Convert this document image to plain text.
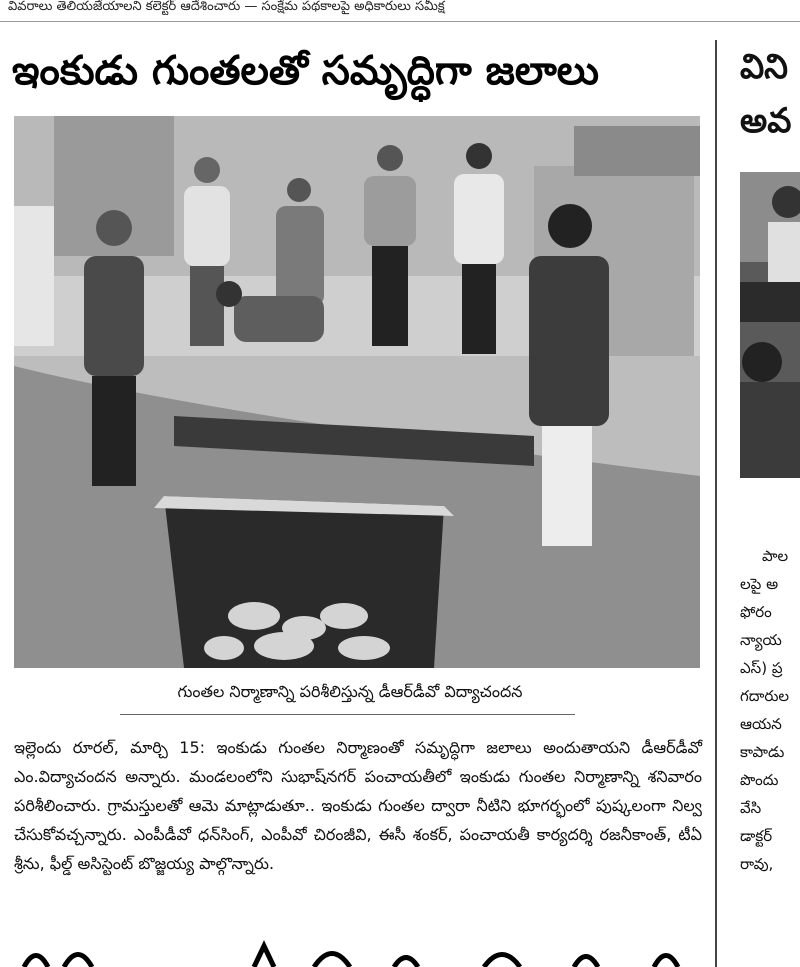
వివరాలు తెలియజేయాలని కలెక్టర్ ఆదేశించారు — సంక్షేమ పథకాలపై అధికారులు సమీక్ష
ఇంకుడు గుంతలతో సమృద్ధిగా జలాలు
గుంతల నిర్మాణాన్ని పరిశీలిస్తున్న డీఆర్‌డీవో విద్యాచందన
ఇల్లెందు రూరల్, మార్చి 15: ఇంకుడు గుంతల నిర్మాణంతో సమృద్ధిగా జలాలు అందుతాయని డీఆర్‌డీవో ఎం.విద్యాచందన అన్నారు. మండలంలోని సుభాష్‌నగర్ పంచాయతీలో ఇంకుడు గుంతల నిర్మాణాన్ని శనివారం పరిశీలించారు. గ్రామస్తులతో ఆమె మాట్లాడుతూ.. ఇంకుడు గుంతల ద్వారా నీటిని భూగర్భంలో పుష్కలంగా నిల్వ చేసుకోవచ్చన్నారు. ఎంపీడీవో ధన్‌సింగ్, ఎంపీవో చిరంజీవి, ఈసీ శంకర్, పంచాయతీ కార్యదర్శి రజనీకాంత్, టీఏ శ్రీను, ఫీల్డ్ అసిస్టెంట్ బొజ్జయ్య పాల్గొన్నారు.
విని
అవ
పాల
లపై అ
ఫోరం
న్యాయ
ఎస్) ప్ర
గదారుల
ఆయన
కాపాడు
పొందు
వేసి
డాక్టర్
రావు,
